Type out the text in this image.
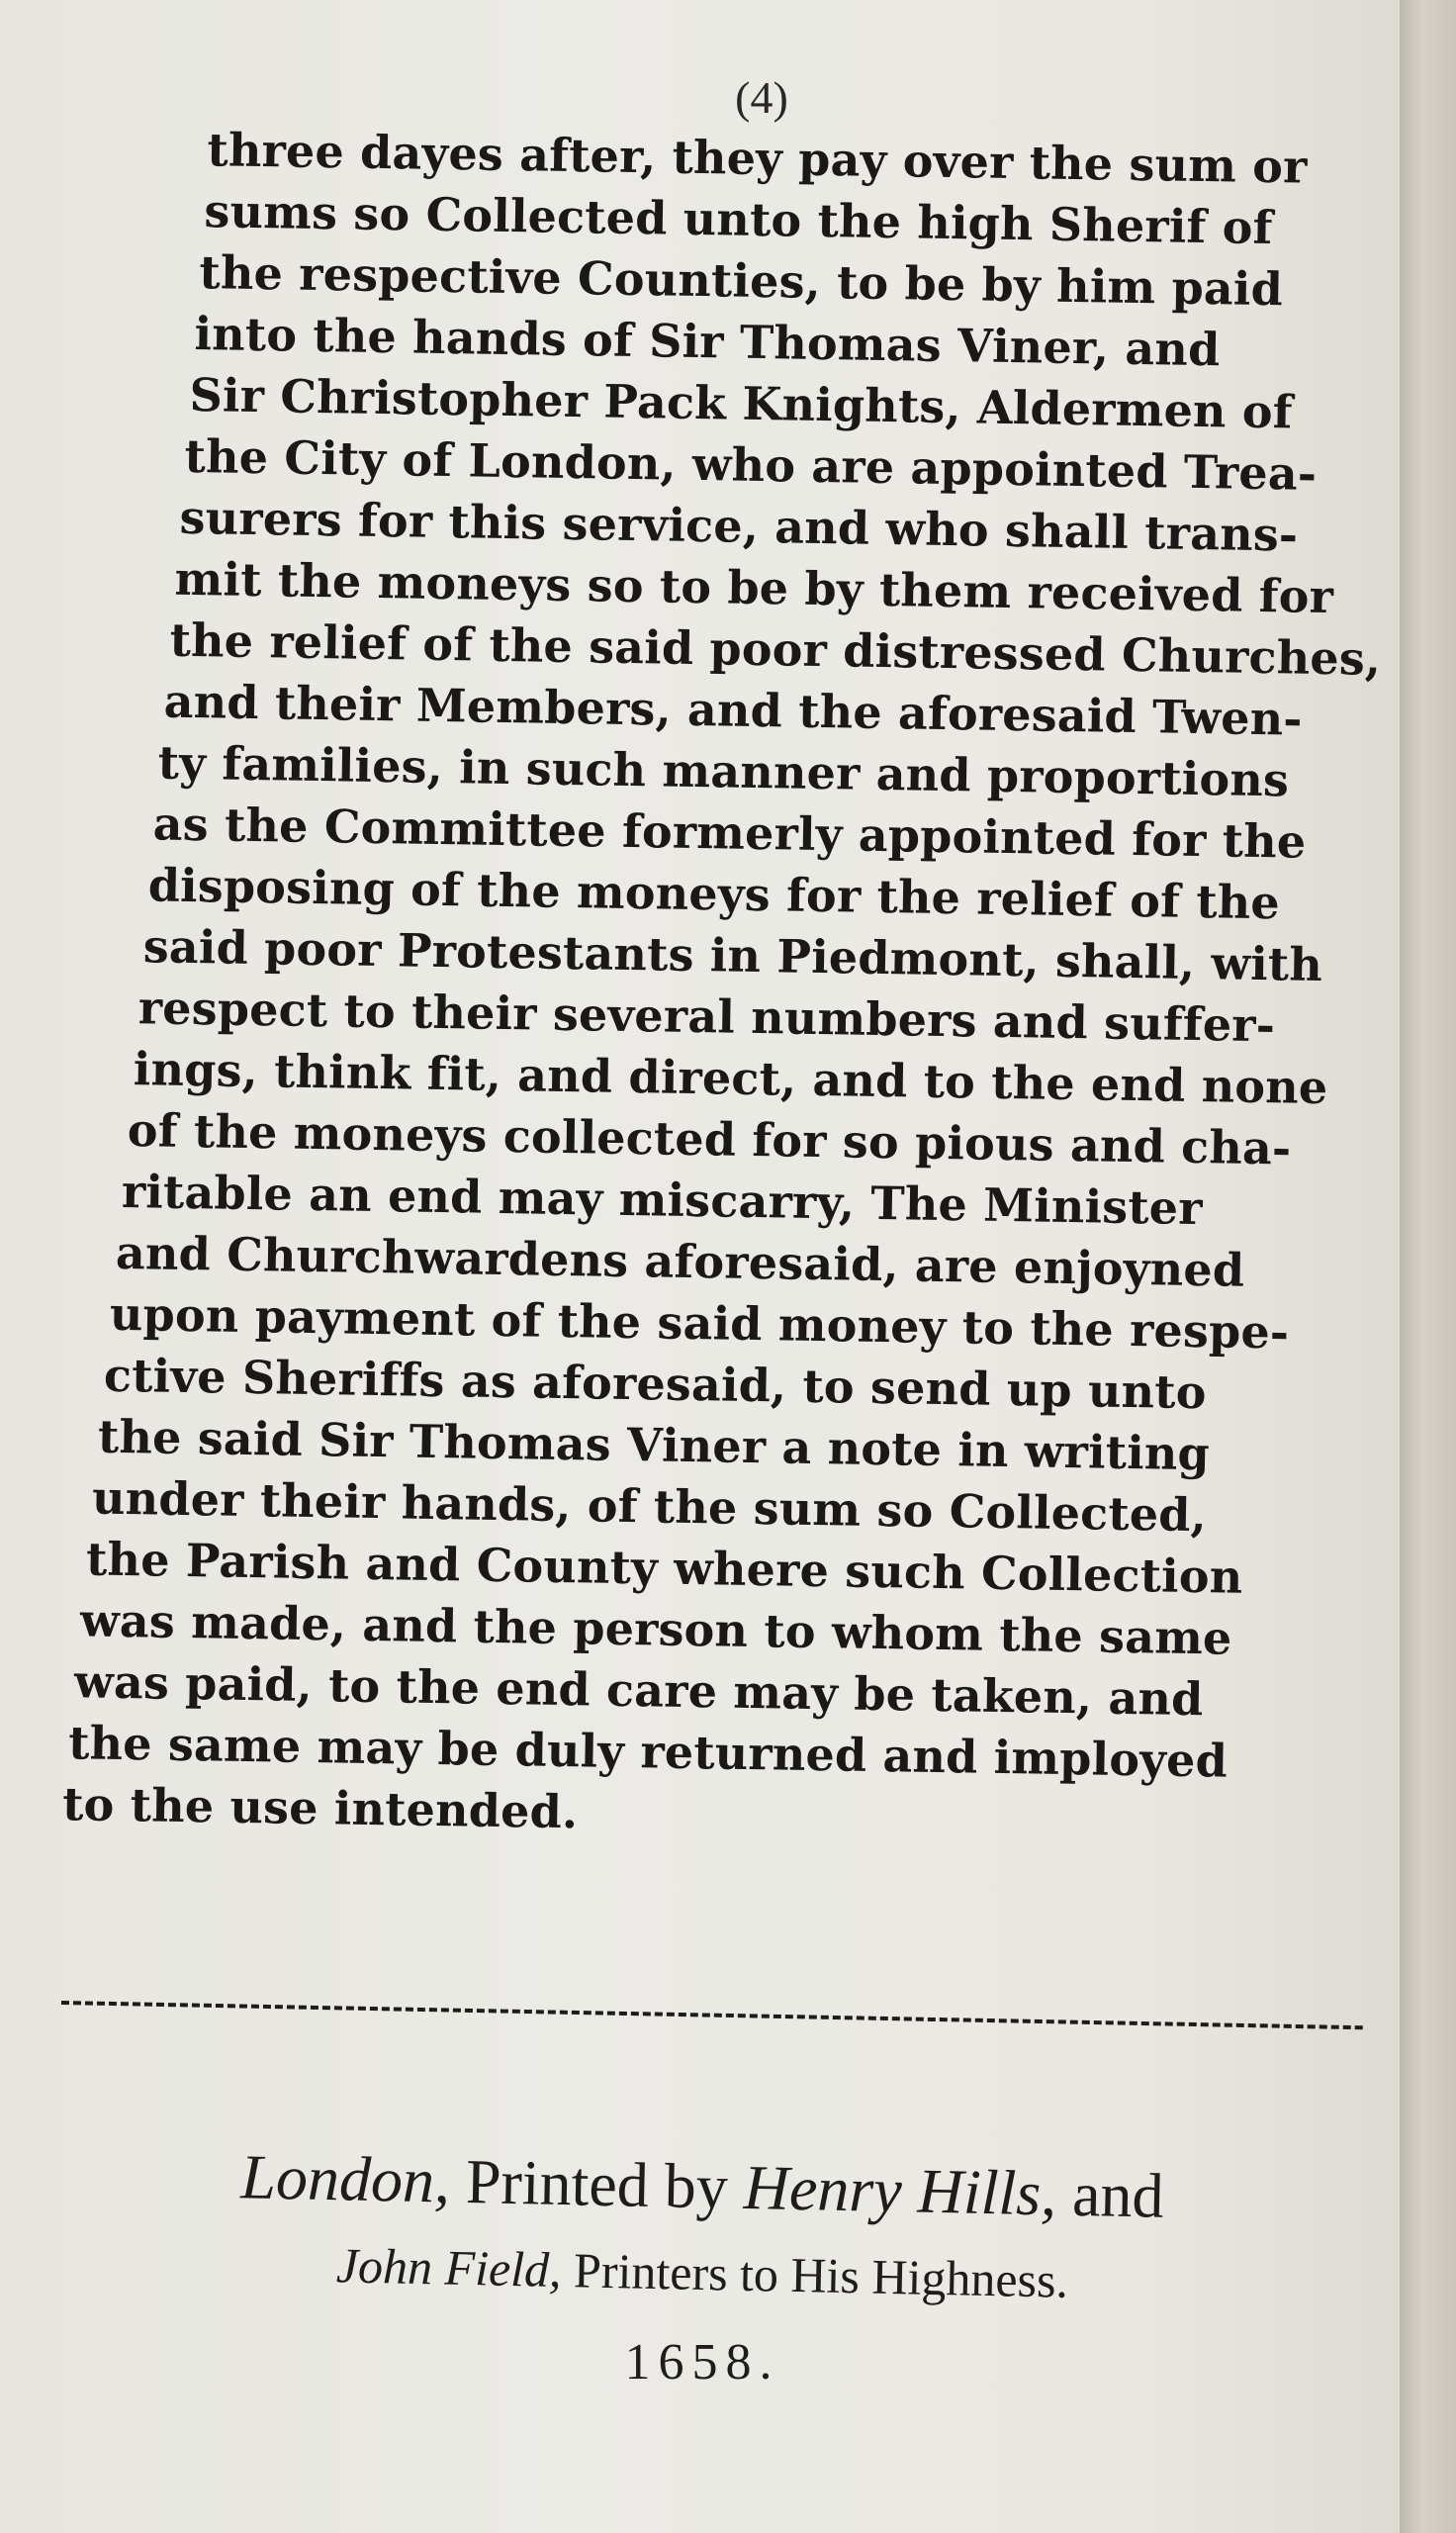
(4)
three dayes after, they pay over the sum or
sums so Collected unto the high Sherif of
the respective Counties, to be by him paid
into the hands of Sir Thomas Viner, and
Sir Christopher Pack Knights, Aldermen of
the City of London, who are appointed Trea-
surers for this service, and who shall trans-
mit the moneys so to be by them received for
the relief of the said poor distressed Churches,
and their Members, and the aforesaid Twen-
ty families, in such manner and proportions
as the Committee formerly appointed for the
disposing of the moneys for the relief of the
said poor Protestants in Piedmont, shall, with
respect to their several numbers and suffer-
ings, think fit, and direct, and to the end none
of the moneys collected for so pious and cha-
ritable an end may miscarry, The Minister
and Churchwardens aforesaid, are enjoyned
upon payment of the said money to the respe-
ctive Sheriffs as aforesaid, to send up unto
the said Sir Thomas Viner a note in writing
under their hands, of the sum so Collected,
the Parish and County where such Collection
was made, and the person to whom the same
was paid, to the end care may be taken, and
the same may be duly returned and imployed
to the use intended.
London, Printed by Henry Hills, and
John Field, Printers to His Highness.
1658.
